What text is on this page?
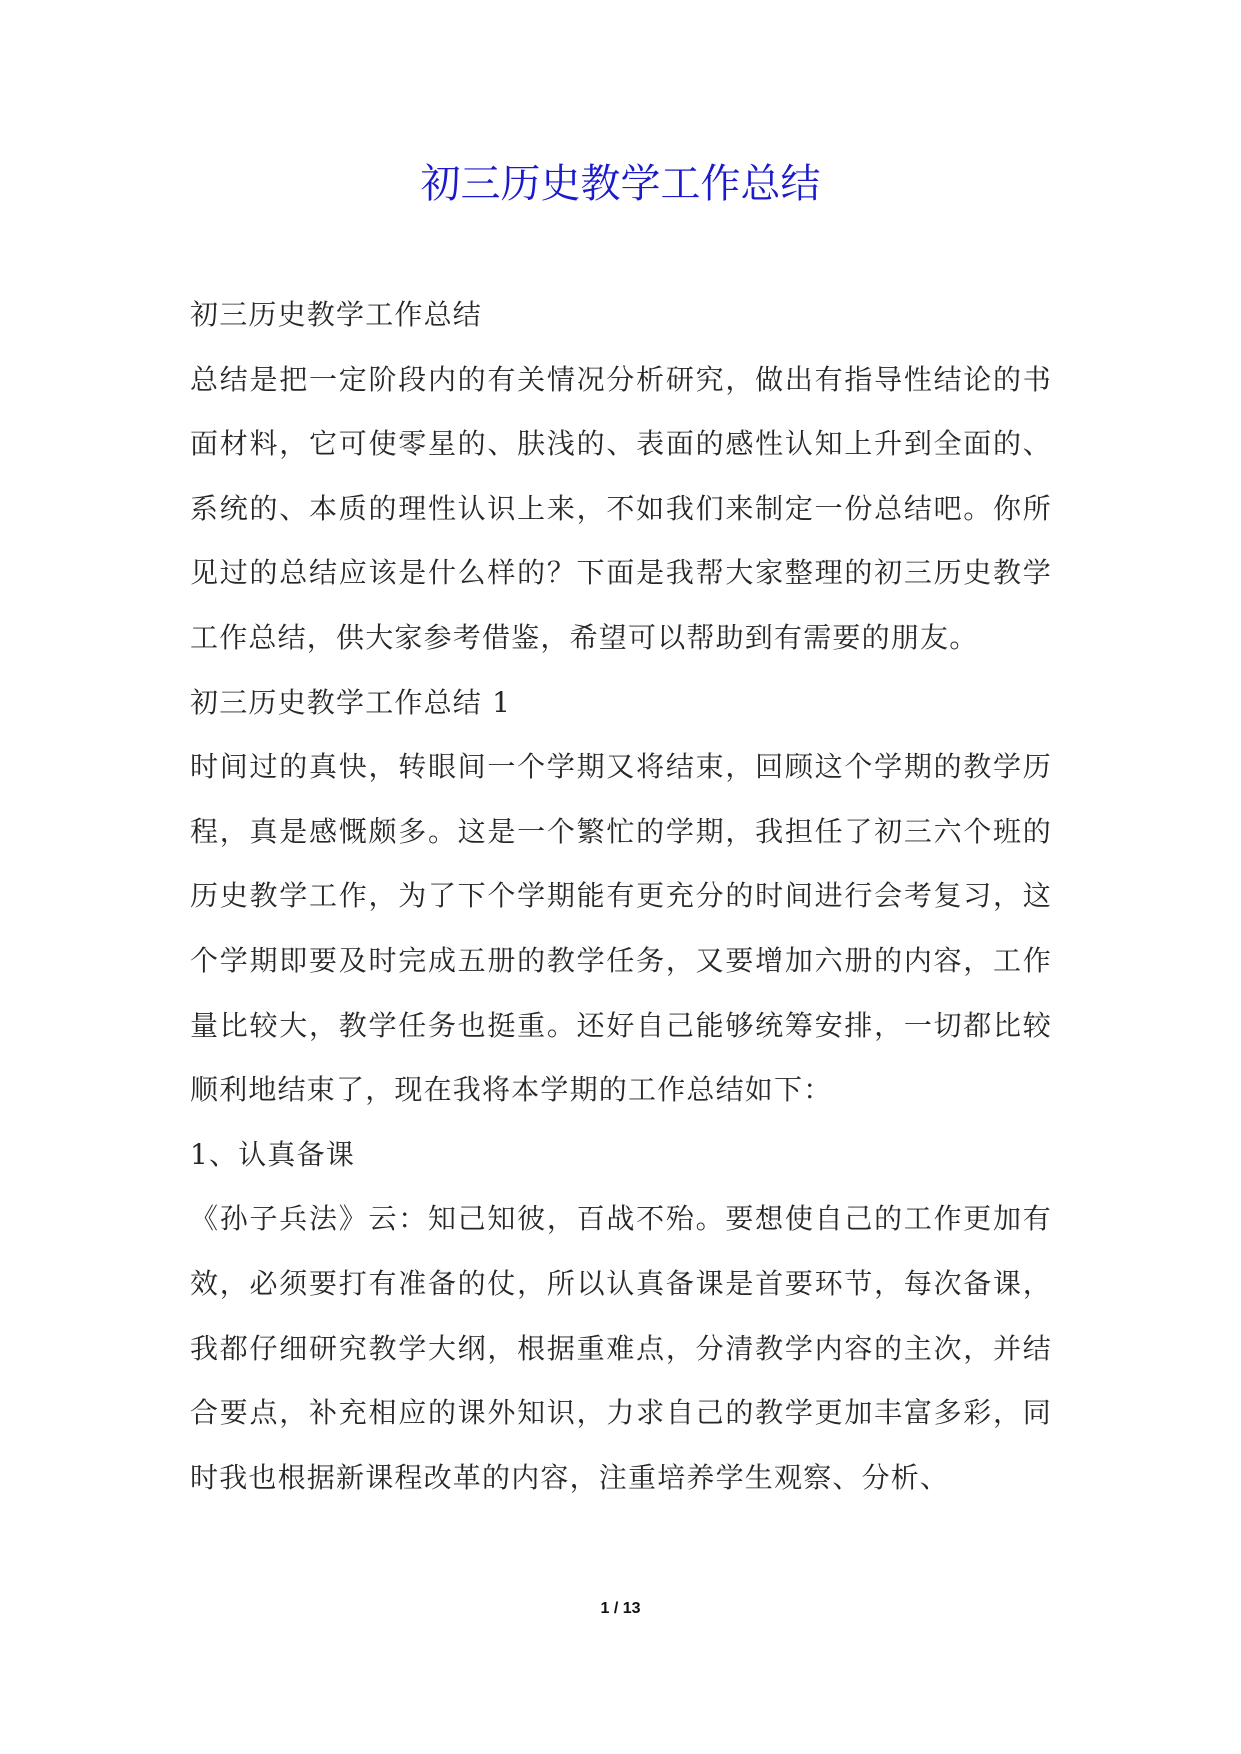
初三历史教学工作总结

初三历史教学工作总结

总结是把一定阶段内的有关情况分析研究，做出有指导性结论的书面材料，它可使零星的、肤浅的、表面的感性认知上升到全面的、系统的、本质的理性认识上来，不如我们来制定一份总结吧。你所见过的总结应该是什么样的？下面是我帮大家整理的初三历史教学工作总结，供大家参考借鉴，希望可以帮助到有需要的朋友。

初三历史教学工作总结 1

时间过的真快，转眼间一个学期又将结束，回顾这个学期的教学历程，真是感慨颇多。这是一个繁忙的学期，我担任了初三六个班的历史教学工作，为了下个学期能有更充分的时间进行会考复习，这个学期即要及时完成五册的教学任务，又要增加六册的内容，工作量比较大，教学任务也挺重。还好自己能够统筹安排，一切都比较顺利地结束了，现在我将本学期的工作总结如下：

1、认真备课

《孙子兵法》云：知己知彼，百战不殆。要想使自己的工作更加有效，必须要打有准备的仗，所以认真备课是首要环节，每次备课，我都仔细研究教学大纲，根据重难点，分清教学内容的主次，并结合要点，补充相应的课外知识，力求自己的教学更加丰富多彩，同时我也根据新课程改革的内容，注重培养学生观察、分析、

1 / 13
